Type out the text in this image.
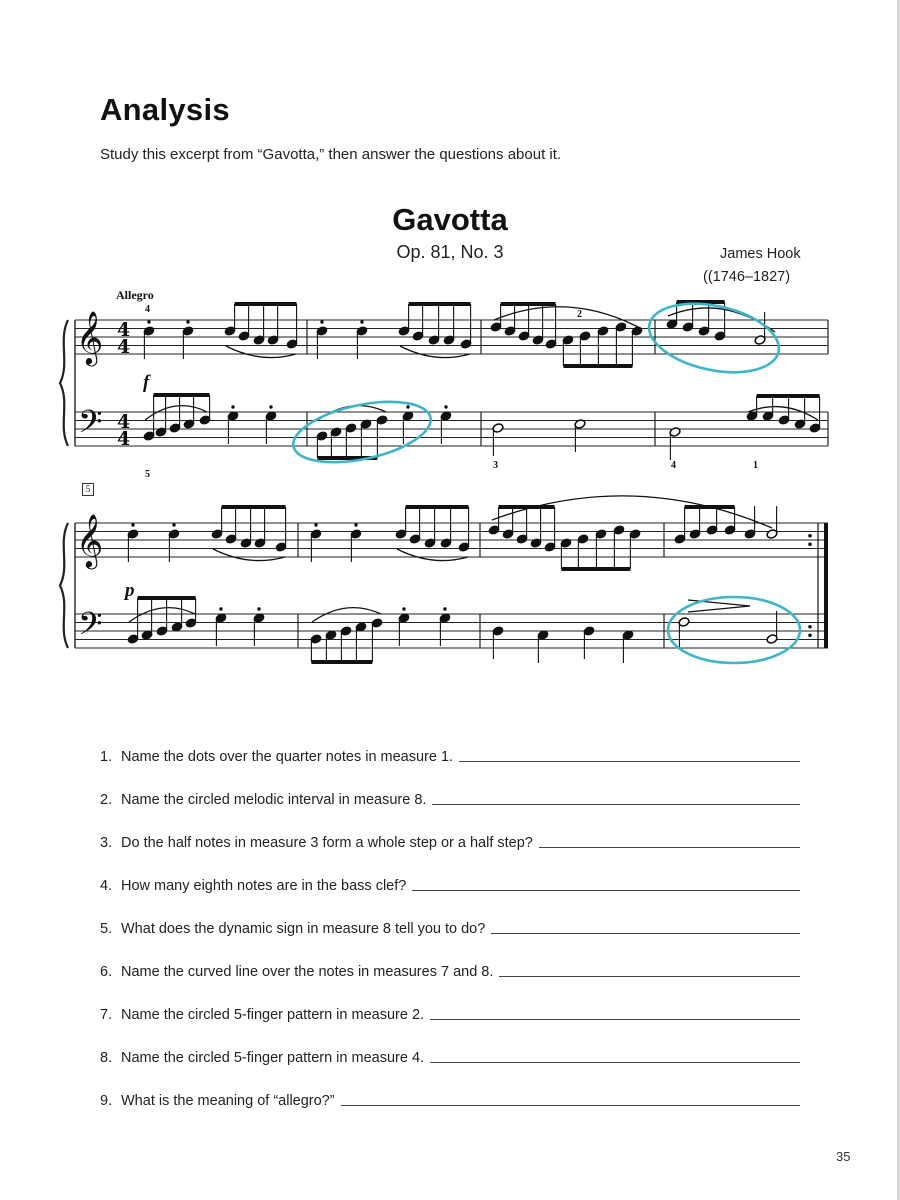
Analysis
Study this excerpt from “Gavotta,” then answer the questions about it.
Gavotta
Op. 81, No. 3	James Hook
((1746–1827)
Allegro
5
𝄞
𝄢
4
4
4
4
𝄞
𝄢
4	2
5
3	4	1
f
p
1. Name the dots over the quarter notes in measure 1.
2. Name the circled melodic interval in measure 8.
3. Do the half notes in measure 3 form a whole step or a half step?
4. How many eighth notes are in the bass clef?
5. What does the dynamic sign in measure 8 tell you to do?
6. Name the curved line over the notes in measures 7 and 8.
7. Name the circled 5-finger pattern in measure 2.
8. Name the circled 5-finger pattern in measure 4.
9. What is the meaning of “allegro?”
35
